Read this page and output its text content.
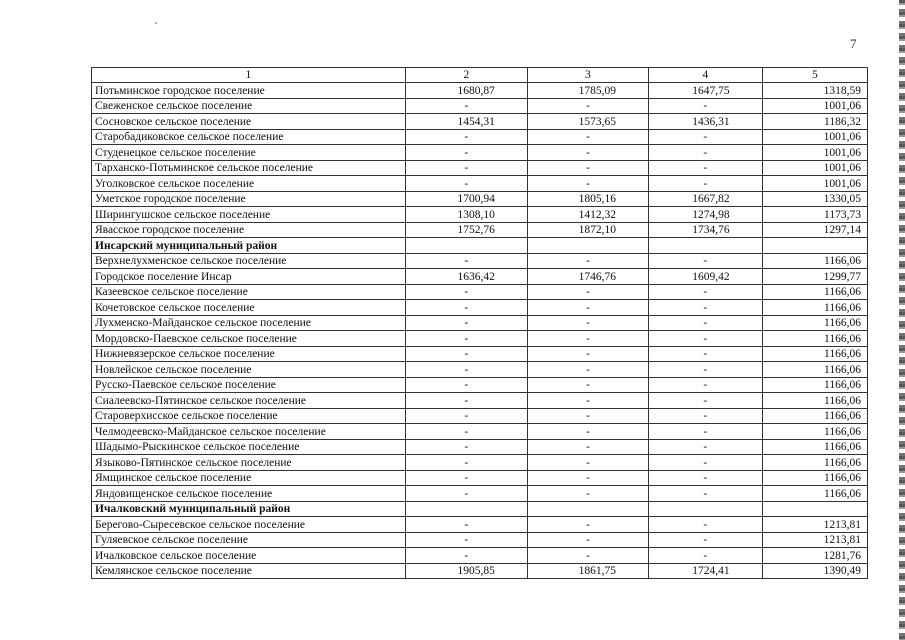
7
1	2	3	4	5
Потьминское городское поселение	1680,87	1785,09	1647,75	1318,59
Свеженское сельское поселение	-	-	-	1001,06
Сосновское сельское поселение	1454,31	1573,65	1436,31	1186,32
Старобадиковское сельское поселение	-	-	-	1001,06
Студенецкое сельское поселение	-	-	-	1001,06
Тарханско-Потьминское сельское поселение	-	-	-	1001,06
Уголковское сельское поселение	-	-	-	1001,06
Уметское городское поселение	1700,94	1805,16	1667,82	1330,05
Ширингушское сельское поселение	1308,10	1412,32	1274,98	1173,73
Явасское городское поселение	1752,76	1872,10	1734,76	1297,14
Инсарский муниципальный район				
Верхнелухменское сельское поселение	-	-	-	1166,06
Городское поселение Инсар	1636,42	1746,76	1609,42	1299,77
Казеевское сельское поселение	-	-	-	1166,06
Кочетовское сельское поселение	-	-	-	1166,06
Лухменско-Майданское сельское поселение	-	-	-	1166,06
Мордовско-Паевское сельское поселение	-	-	-	1166,06
Нижневязерское сельское поселение	-	-	-	1166,06
Новлейское сельское поселение	-	-	-	1166,06
Русско-Паевское сельское поселение	-	-	-	1166,06
Сиалеевско-Пятинское сельское поселение	-	-	-	1166,06
Староверхисское сельское поселение	-	-	-	1166,06
Челмодеевско-Майданское сельское поселение	-	-	-	1166,06
Шадымо-Рыскинское сельское поселение	-	-	-	1166,06
Языково-Пятинское сельское поселение	-	-	-	1166,06
Ямщинское сельское поселение	-	-	-	1166,06
Яндовищенское сельское поселение	-	-	-	1166,06
Ичалковский муниципальный район				
Берегово-Сыресевское сельское поселение	-	-	-	1213,81
Гуляевское сельское поселение	-	-	-	1213,81
Ичалковское сельское поселение	-	-	-	1281,76
Кемлянское сельское поселение	1905,85	1861,75	1724,41	1390,49
